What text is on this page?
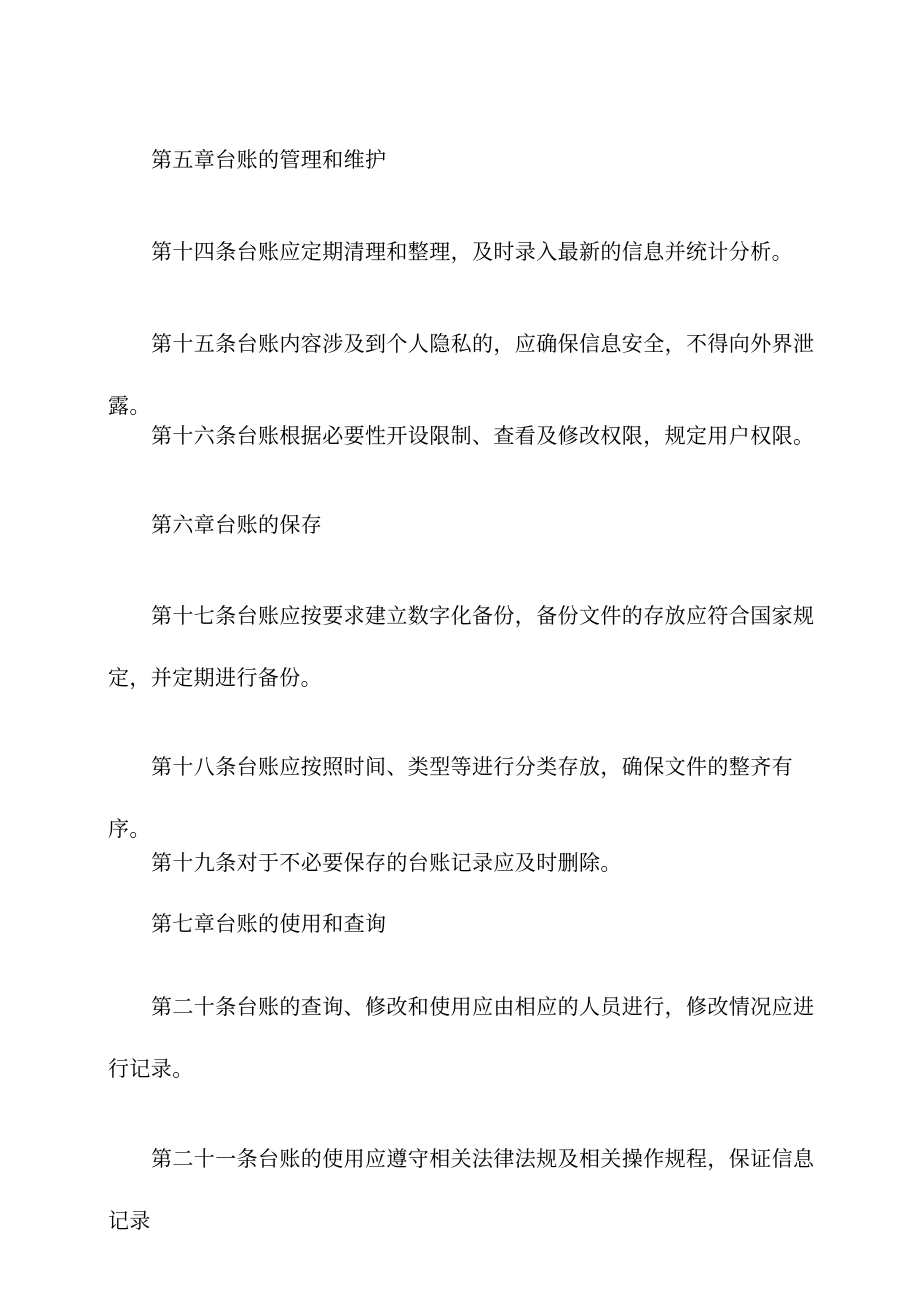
第五章台账的管理和维护

第十四条台账应定期清理和整理，及时录入最新的信息并统计分析。

第十五条台账内容涉及到个人隐私的，应确保信息安全，不得向外界泄露。

第十六条台账根据必要性开设限制、查看及修改权限，规定用户权限。

第六章台账的保存

第十七条台账应按要求建立数字化备份，备份文件的存放应符合国家规定，并定期进行备份。

第十八条台账应按照时间、类型等进行分类存放，确保文件的整齐有序。

第十九条对于不必要保存的台账记录应及时删除。

第七章台账的使用和查询

第二十条台账的查询、修改和使用应由相应的人员进行，修改情况应进行记录。

第二十一条台账的使用应遵守相关法律法规及相关操作规程，保证信息记录
